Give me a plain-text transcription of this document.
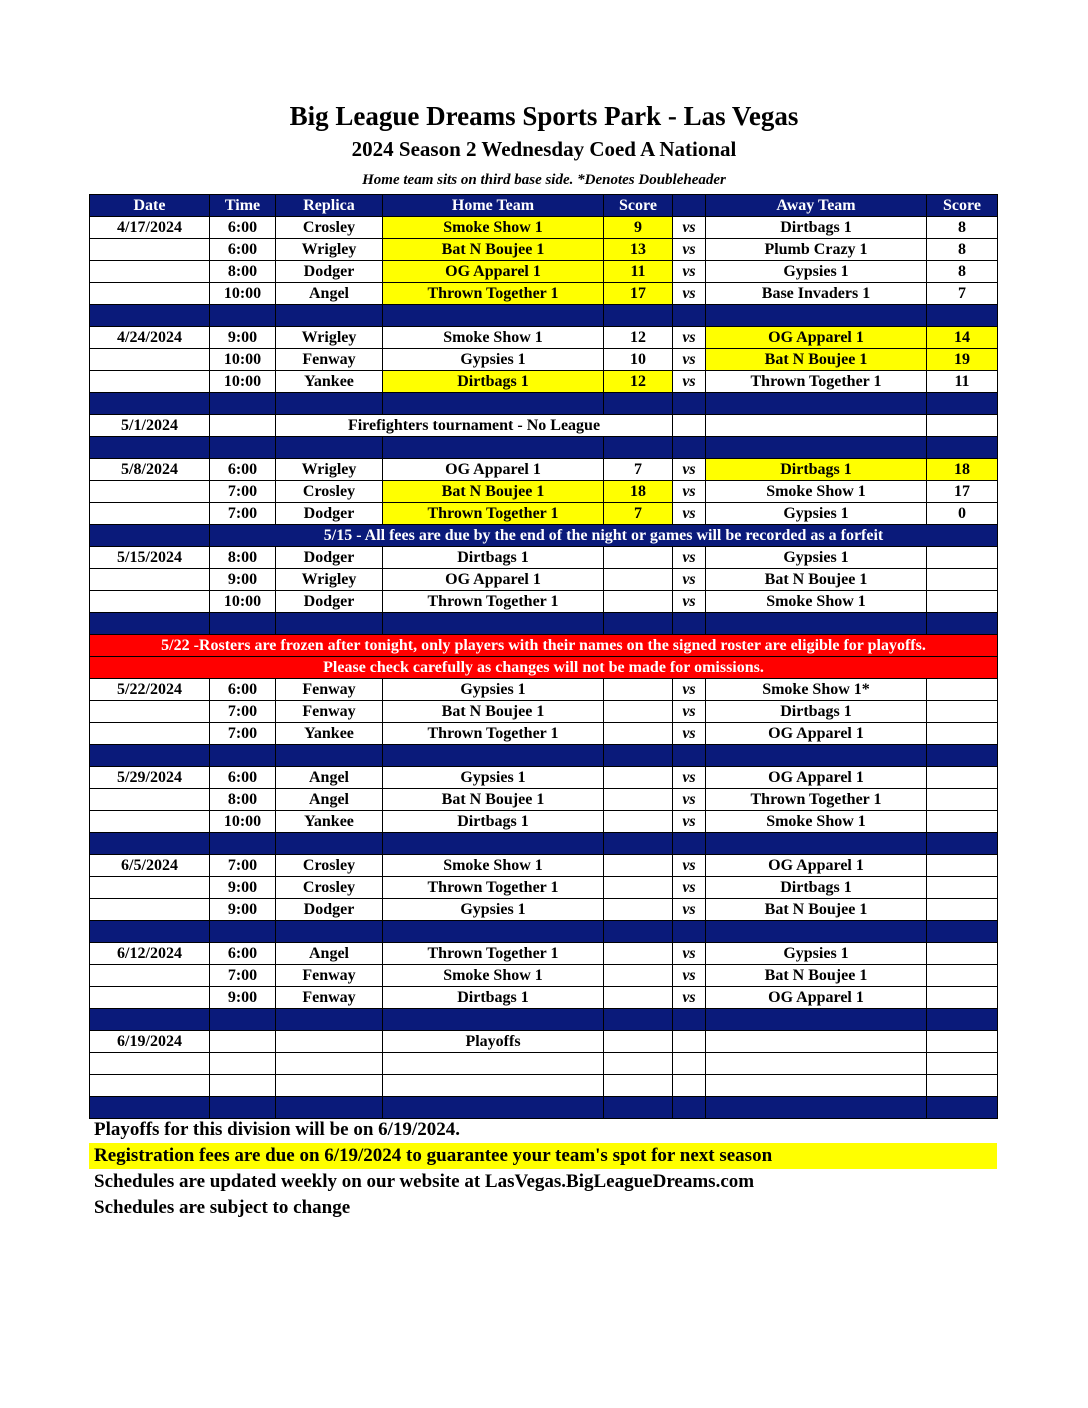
Big League Dreams Sports Park - Las Vegas
2024 Season 2 Wednesday Coed A National
Home team sits on third base side. *Denotes Doubleheader
Date	Time	Replica	Home Team	Score		Away Team	Score
4/17/2024	6:00	Crosley	Smoke Show 1	9	vs	Dirtbags 1	8
	6:00	Wrigley	Bat N Boujee 1	13	vs	Plumb Crazy 1	8
	8:00	Dodger	OG Apparel 1	11	vs	Gypsies 1	8
	10:00	Angel	Thrown Together 1	17	vs	Base Invaders 1	7

4/24/2024	9:00	Wrigley	Smoke Show 1	12	vs	OG Apparel 1	14
	10:00	Fenway	Gypsies 1	10	vs	Bat N Boujee 1	19
	10:00	Yankee	Dirtbags 1	12	vs	Thrown Together 1	11

5/1/2024		Firefighters tournament - No League					

5/8/2024	6:00	Wrigley	OG Apparel 1	7	vs	Dirtbags 1	18
	7:00	Crosley	Bat N Boujee 1	18	vs	Smoke Show 1	17
	7:00	Dodger	Thrown Together 1	7	vs	Gypsies 1	0
	5/15 - All fees are due by the end of the night or games will be recorded as a forfeit						
5/15/2024	8:00	Dodger	Dirtbags 1		vs	Gypsies 1	
	9:00	Wrigley	OG Apparel 1		vs	Bat N Boujee 1	
	10:00	Dodger	Thrown Together 1		vs	Smoke Show 1	

5/22 -Rosters are frozen after tonight, only players with their names on the signed roster are eligible for playoffs.							
Please check carefully as changes will not be made for omissions.							
5/22/2024	6:00	Fenway	Gypsies 1		vs	Smoke Show 1*	
	7:00	Fenway	Bat N Boujee 1		vs	Dirtbags 1	
	7:00	Yankee	Thrown Together 1		vs	OG Apparel 1	

5/29/2024	6:00	Angel	Gypsies 1		vs	OG Apparel 1	
	8:00	Angel	Bat N Boujee 1		vs	Thrown Together 1	
	10:00	Yankee	Dirtbags 1		vs	Smoke Show 1	

6/5/2024	7:00	Crosley	Smoke Show 1		vs	OG Apparel 1	
	9:00	Crosley	Thrown Together 1		vs	Dirtbags 1	
	9:00	Dodger	Gypsies 1		vs	Bat N Boujee 1	

6/12/2024	6:00	Angel	Thrown Together 1		vs	Gypsies 1	
	7:00	Fenway	Smoke Show 1		vs	Bat N Boujee 1	
	9:00	Fenway	Dirtbags 1		vs	OG Apparel 1	

6/19/2024			Playoffs				

Playoffs for this division will be on 6/19/2024.
Registration fees are due on 6/19/2024 to guarantee your team's spot for next season
Schedules are updated weekly on our website at LasVegas.BigLeagueDreams.com
Schedules are subject to change
